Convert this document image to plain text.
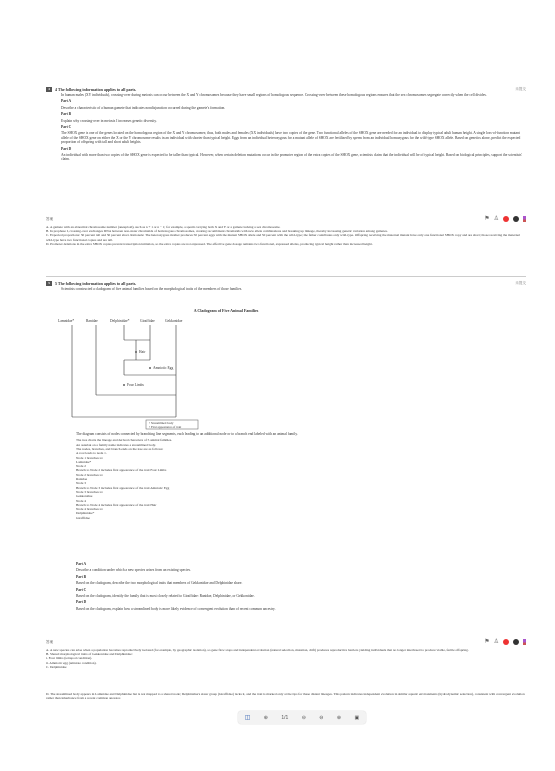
4	4 The following information applies to all parts.	未提交

In human males (XY individuals), crossing-over during meiosis can occur between the X and Y chromosomes because they have small regions of homologous sequence. Crossing-over between these homologous regions ensures that the sex chromosomes segregate correctly when the cell divides.

Part A

Describe a characteristic of a human gamete that indicates nondisjunction occurred during the gamete's formation.

Part B

Explain why crossing-over in meiosis I increases genetic diversity.

Part C

The SHOX gene is one of the genes located on the homologous region of the X and Y chromosomes; thus, both males and females (XX individuals) have two copies of the gene. Two functional alleles of the SHOX gene are needed for an individual to display typical adult human height. A single loss-of-function mutant allele of the SHOX gene on either the X or the Y chromosome results in an individual with shorter than typical height. Eggs from an individual heterozygous for a mutant allele of SHOX are fertilized by sperm from an individual homozygous for the wild-type SHOX allele. Based on genetics alone, predict the expected proportion of offspring with tall and short adult heights.

Part D

An individual with more than two copies of the SHOX gene is expected to be taller than typical. However, when certain deletion mutations occur in the promoter region of the extra copies of the SHOX gene, scientists claim that the individual will be of typical height. Based on biological principles, support the scientists' claim.

答案	⚑ ♙

A. A gamete with an abnormal chromosome number (aneuploid), such as n + 1 or n − 1; for example, a sperm carrying both X and Y or a gamete lacking a sex chromosome.

B. In prophase I, crossing-over exchanges DNA between non-sister chromatids of homologous chromosomes, creating recombinant chromatids with new allele combinations and breaking up linkage, thereby increasing genetic variation among gametes.

C. Expected proportions: 50 percent tall and 50 percent short. Rationale: The heterozygous mother produces 50 percent eggs with the mutant SHOX allele and 50 percent with the wild-type; the father contributes only wild-type. Offspring receiving the maternal mutant have only one functional SHOX copy and are short; those receiving the maternal wild-type have two functional copies and are tall.

D. Promoter deletions in the extra SHOX copies prevent transcription initiation, so the extra copies are not expressed. The effective gene dosage remains two functional, expressed alleles, producing typical height rather than increased height.

5	5 The following information applies to all parts.	未提交

Scientists constructed a cladogram of five animal families based on the morphological traits of the members of those families.

A Cladogram of Five Animal Families
Lamnidae*	Ranidae	Delphinidae*	Giraffidae	Gekkonidae
Hair
Amniotic Egg
Four Limbs
• Streamlined body
• First appearance of trait

The diagram consists of nodes connected by branching line segments, each leading to an additional node or to a branch end labeled with an animal family.

The tree charts the lineage and derived characters of 5 animal families.
An asterisk on a family name indicates a streamlined body.
The nodes, branches, and branch ends on the tree are as follows:
A root leads to node 1.
Node 1 branches to:
Lamnidae*
Node 2
Branch to Node 2 includes first appearance of the trait Four Limbs
Node 2 branches to:
Ranidae
Node 3
Branch to Node 3 includes first appearance of the trait Amniotic Egg
Node 3 branches to:
Gekkonidae
Node 4
Branch to Node 4 includes first appearance of the trait Hair
Node 4 branches to:
Delphinidae*
Giraffidae

Part A

Describe a condition under which a new species arises from an existing species.

Part B

Based on the cladogram, describe the two morphological traits that members of Gekkonidae and Delphinidae share.

Part C

Based on the cladogram, identify the family that is most closely related to Giraffidae: Ranidae, Delphinidae, or Gekkonidae.

Part D

Based on the cladogram, explain how a streamlined body is more likely evidence of convergent evolution than of recent common ancestry.

答案	⚑ ♙

A. A new species can arise when a population becomes reproductively isolated (for example, by geographic isolation), so gene flow stops and independent evolution (natural selection, mutation, drift) produces reproductive barriers yielding individuals that no longer interbreed to produce viable, fertile offspring.

B. Shared morphological traits of Gekkonidae and Delphinidae:

i. Four limbs (tetrapod condition).

ii. Amniotic egg (amniote condition).

C. Delphinidae

D. The streamlined body appears in Lamnidae and Delphinidae but is not mapped to a shared node; Delphinidae's sister group (Giraffidae) lacks it, and the trait is marked only at the tips for these distant lineages. This pattern indicates independent evolution in similar aquatic environments (hydrodynamic selection), consistent with convergent evolution rather than inheritance from a recent common ancestor.

◫	⊕	1/1	⊖	⊖	⊕	▣
